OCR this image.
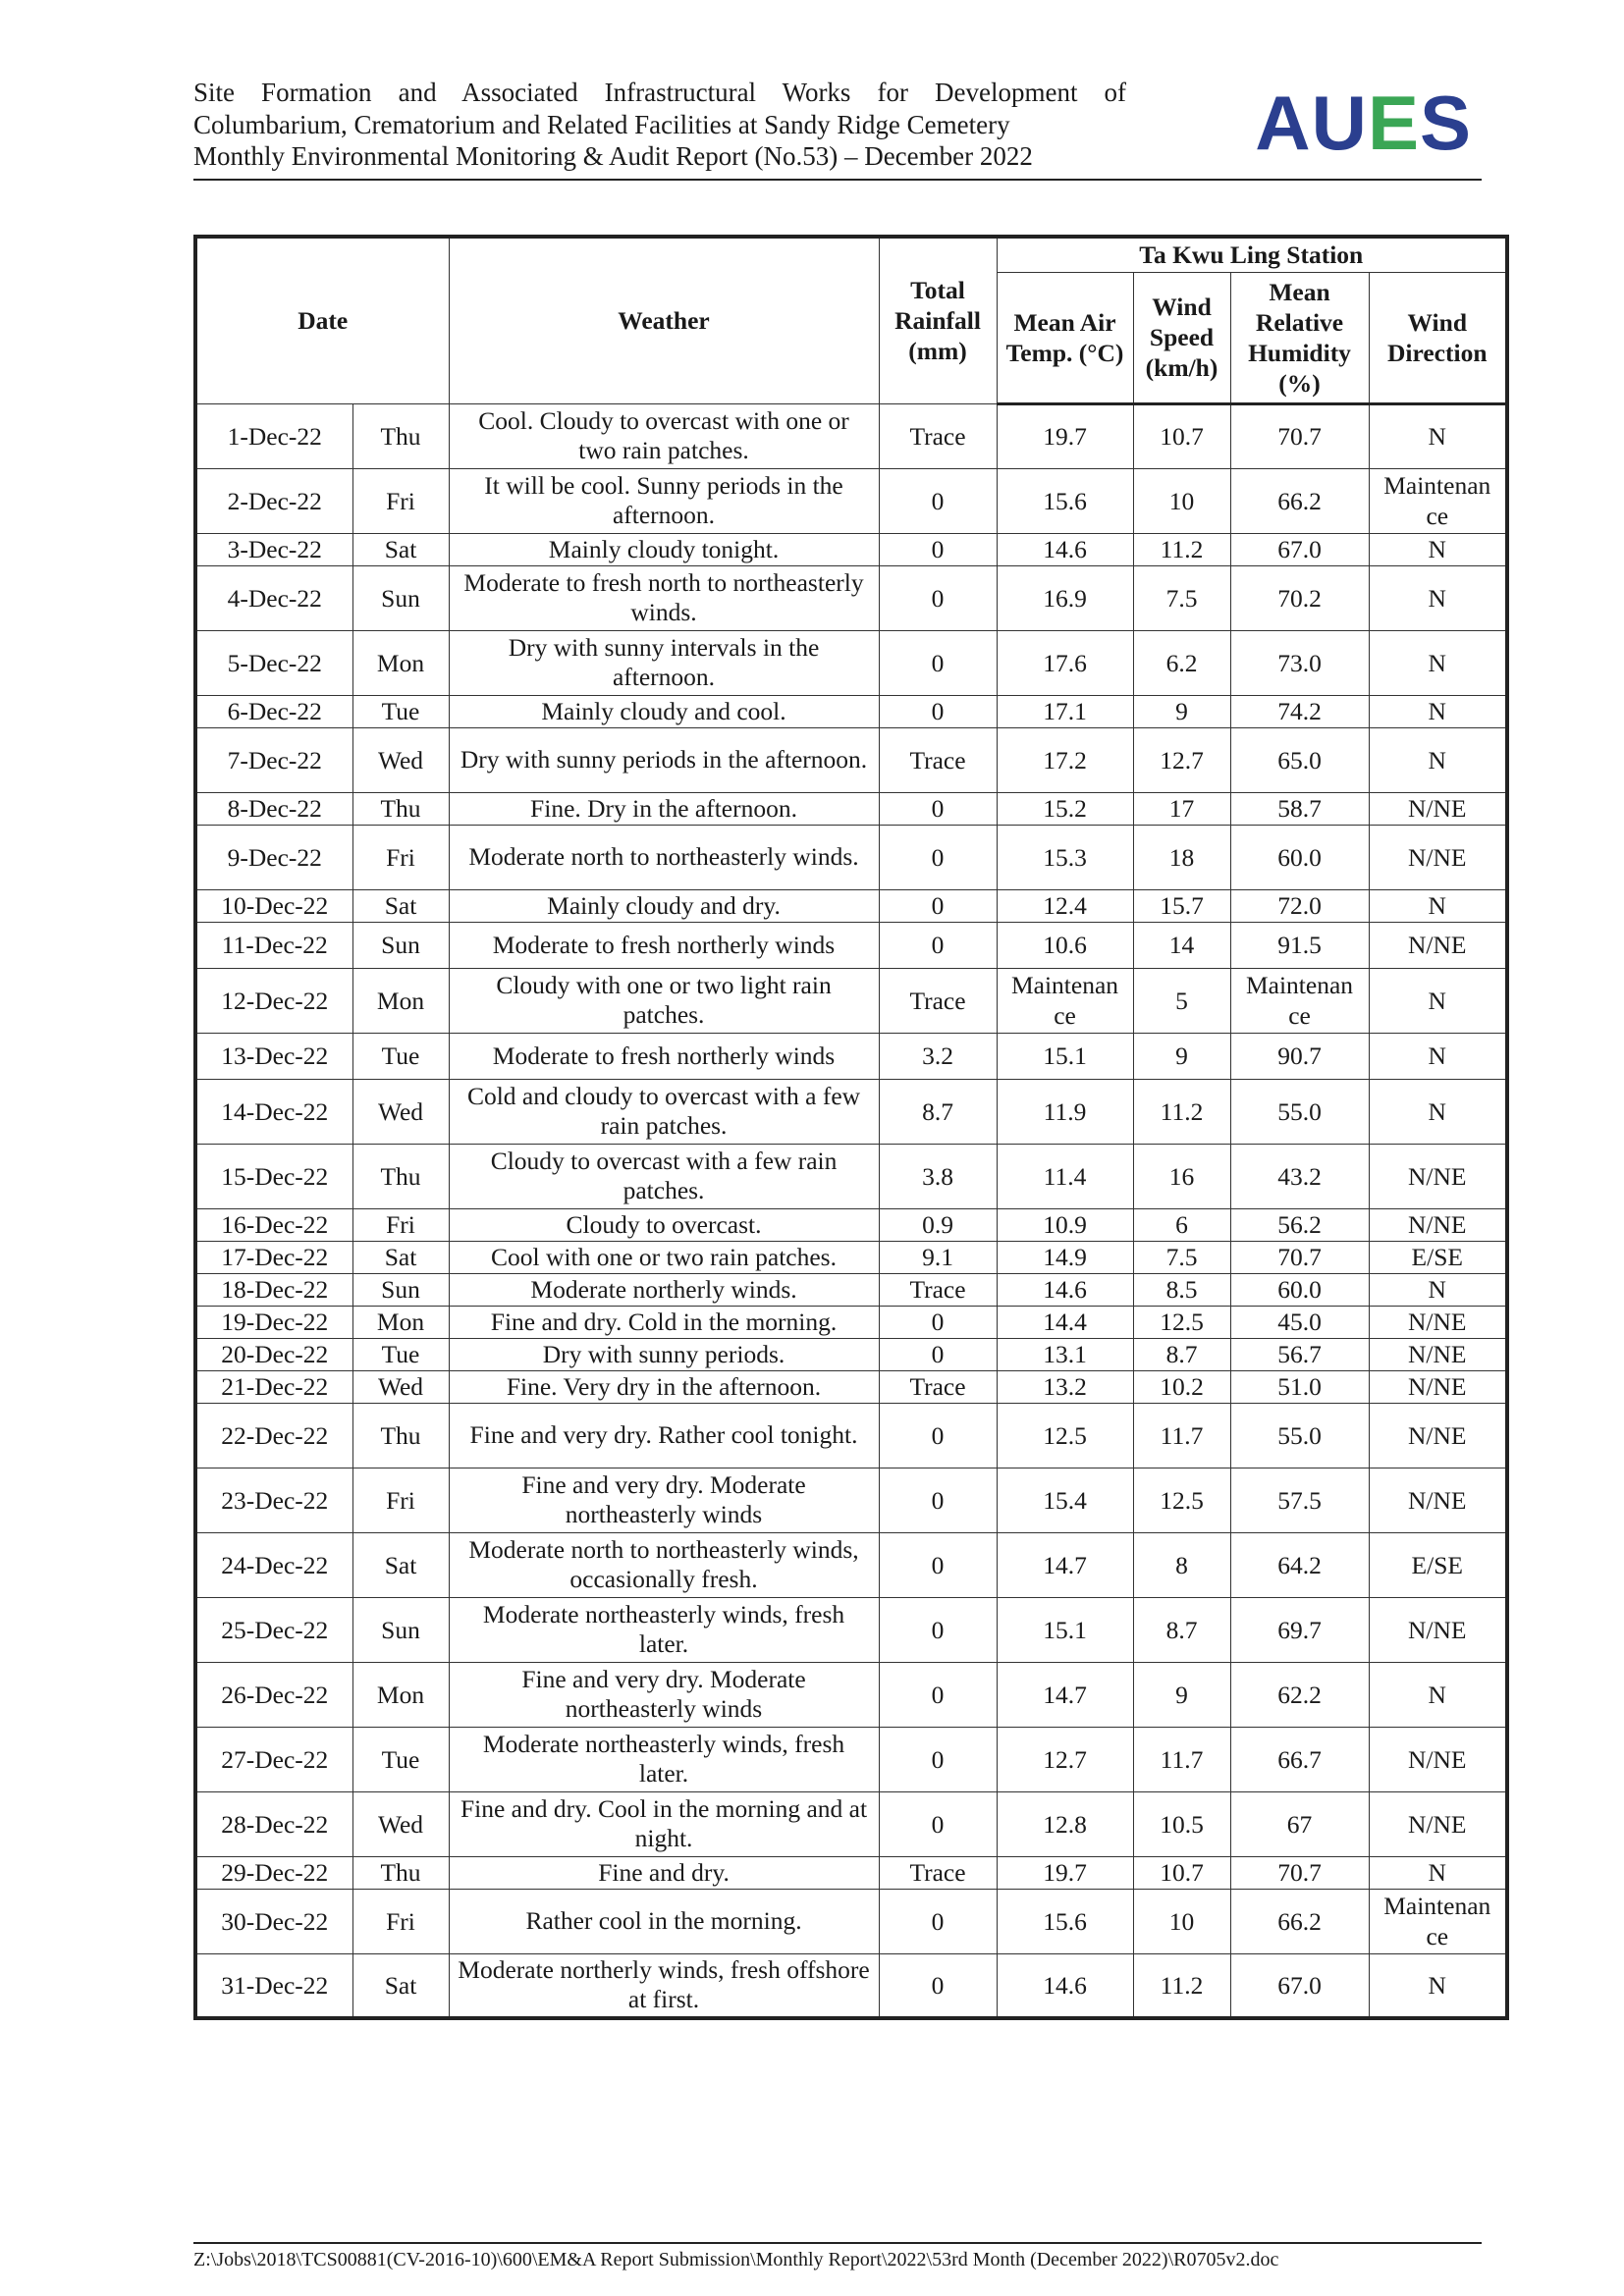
Site Formation and Associated Infrastructural Works for Development of
Columbarium, Crematorium and Related Facilities at Sandy Ridge Cemetery
Monthly Environmental Monitoring & Audit Report (No.53) – December 2022	AUES
Date		Weather	Total Rainfall (mm)	Ta Kwu Ling Station			
				Mean Air Temp. (°C)	Wind Speed (km/h)	Mean Relative Humidity (%)	Wind Direction
1-Dec-22	Thu	Cool. Cloudy to overcast with one or two rain patches.	Trace	19.7	10.7	70.7	N
2-Dec-22	Fri	It will be cool. Sunny periods in the afternoon.	0	15.6	10	66.2	Maintenan ce
3-Dec-22	Sat	Mainly cloudy tonight.	0	14.6	11.2	67.0	N
4-Dec-22	Sun	Moderate to fresh north to northeasterly winds.	0	16.9	7.5	70.2	N
5-Dec-22	Mon	Dry with sunny intervals in the afternoon.	0	17.6	6.2	73.0	N
6-Dec-22	Tue	Mainly cloudy and cool.	0	17.1	9	74.2	N
7-Dec-22	Wed	Dry with sunny periods in the afternoon.	Trace	17.2	12.7	65.0	N
8-Dec-22	Thu	Fine. Dry in the afternoon.	0	15.2	17	58.7	N/NE
9-Dec-22	Fri	Moderate north to northeasterly winds.	0	15.3	18	60.0	N/NE
10-Dec-22	Sat	Mainly cloudy and dry.	0	12.4	15.7	72.0	N
11-Dec-22	Sun	Moderate to fresh northerly winds	0	10.6	14	91.5	N/NE
12-Dec-22	Mon	Cloudy with one or two light rain patches.	Trace	Maintenan ce	5	Maintenan ce	N
13-Dec-22	Tue	Moderate to fresh northerly winds	3.2	15.1	9	90.7	N
14-Dec-22	Wed	Cold and cloudy to overcast with a few rain patches.	8.7	11.9	11.2	55.0	N
15-Dec-22	Thu	Cloudy to overcast with a few rain patches.	3.8	11.4	16	43.2	N/NE
16-Dec-22	Fri	Cloudy to overcast.	0.9	10.9	6	56.2	N/NE
17-Dec-22	Sat	Cool with one or two rain patches.	9.1	14.9	7.5	70.7	E/SE
18-Dec-22	Sun	Moderate northerly winds.	Trace	14.6	8.5	60.0	N
19-Dec-22	Mon	Fine and dry. Cold in the morning.	0	14.4	12.5	45.0	N/NE
20-Dec-22	Tue	Dry with sunny periods.	0	13.1	8.7	56.7	N/NE
21-Dec-22	Wed	Fine. Very dry in the afternoon.	Trace	13.2	10.2	51.0	N/NE
22-Dec-22	Thu	Fine and very dry. Rather cool tonight.	0	12.5	11.7	55.0	N/NE
23-Dec-22	Fri	Fine and very dry. Moderate northeasterly winds	0	15.4	12.5	57.5	N/NE
24-Dec-22	Sat	Moderate north to northeasterly winds, occasionally fresh.	0	14.7	8	64.2	E/SE
25-Dec-22	Sun	Moderate northeasterly winds, fresh later.	0	15.1	8.7	69.7	N/NE
26-Dec-22	Mon	Fine and very dry. Moderate northeasterly winds	0	14.7	9	62.2	N
27-Dec-22	Tue	Moderate northeasterly winds, fresh later.	0	12.7	11.7	66.7	N/NE
28-Dec-22	Wed	Fine and dry. Cool in the morning and at night.	0	12.8	10.5	67	N/NE
29-Dec-22	Thu	Fine and dry.	Trace	19.7	10.7	70.7	N
30-Dec-22	Fri	Rather cool in the morning.	0	15.6	10	66.2	Maintenan ce
31-Dec-22	Sat	Moderate northerly winds, fresh offshore at first.	0	14.6	11.2	67.0	N
Z:\Jobs\2018\TCS00881(CV-2016-10)\600\EM&A Report Submission\Monthly Report\2022\53rd Month (December 2022)\R0705v2.doc
